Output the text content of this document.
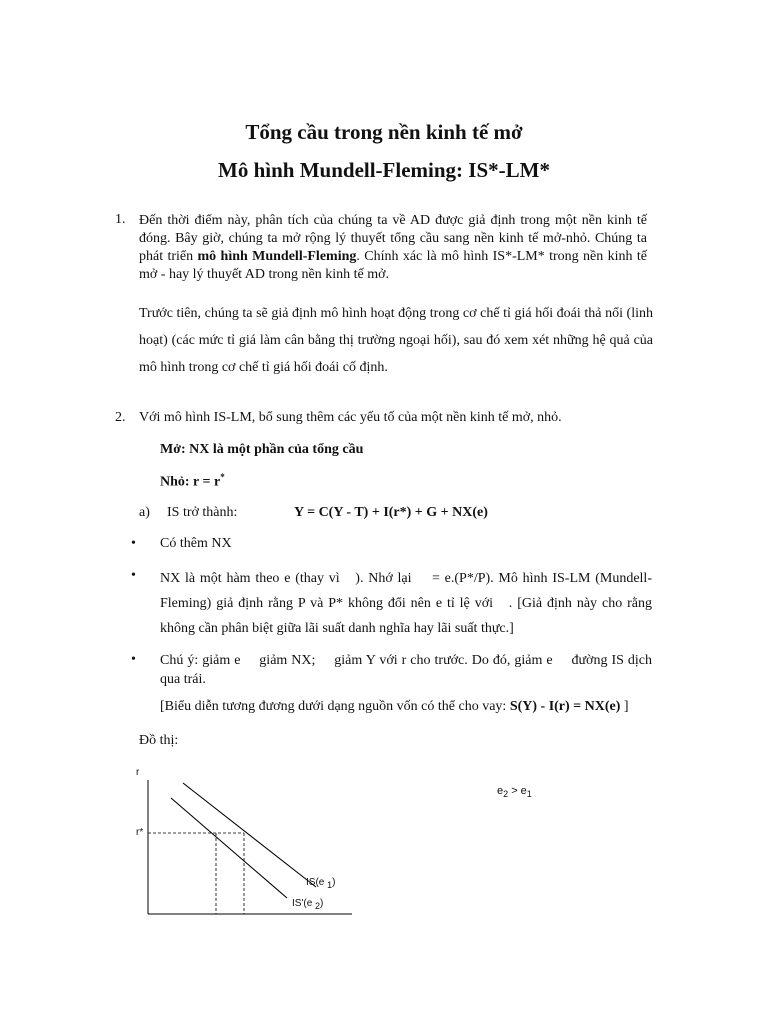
Tổng cầu trong nền kinh tế mở
Mô hình Mundell-Fleming: IS*-LM*
1. Đến thời điểm này, phân tích của chúng ta về AD được giả định trong một nền kinh tế đóng. Bây giờ, chúng ta mở rộng lý thuyết tổng cầu sang nền kinh tế mở-nhỏ. Chúng ta phát triển mô hình Mundell-Fleming. Chính xác là mô hình IS*-LM* trong nền kinh tế mở - hay lý thuyết AD trong nền kinh tế mở.

Trước tiên, chúng ta sẽ giả định mô hình hoạt động trong cơ chế tỉ giá hối đoái thả nổi (linh hoạt) (các mức tỉ giá làm cân bằng thị trường ngoại hối), sau đó xem xét những hệ quả của mô hình trong cơ chế tỉ giá hối đoái cố định.

2. Với mô hình IS-LM, bổ sung thêm các yếu tố của một nền kinh tế mở, nhỏ.

Mở: NX là một phần của tổng cầu

Nhỏ: r = r*

a) IS trở thành:	Y = C(Y - T) + I(r*) + G + NX(e)

• Có thêm NX

• NX là một hàm theo e (thay vì ). Nhớ lại = e.(P*/P). Mô hình IS-LM (Mundell-Fleming) giả định rằng P và P* không đổi nên e tỉ lệ với . [Giả định này cho rằng không cần phân biệt giữa lãi suất danh nghĩa hay lãi suất thực.]

• Chú ý: giảm e giảm NX; giảm Y với r cho trước. Do đó, giảm e đường IS dịch qua trái.

[Biểu diễn tương đương dưới dạng nguồn vốn có thể cho vay: S(Y) - I(r) = NX(e) ]

Đồ thị:

r
r*
IS(e $_1$)
IS'(e $_2$)
$e_2 > e_1$
